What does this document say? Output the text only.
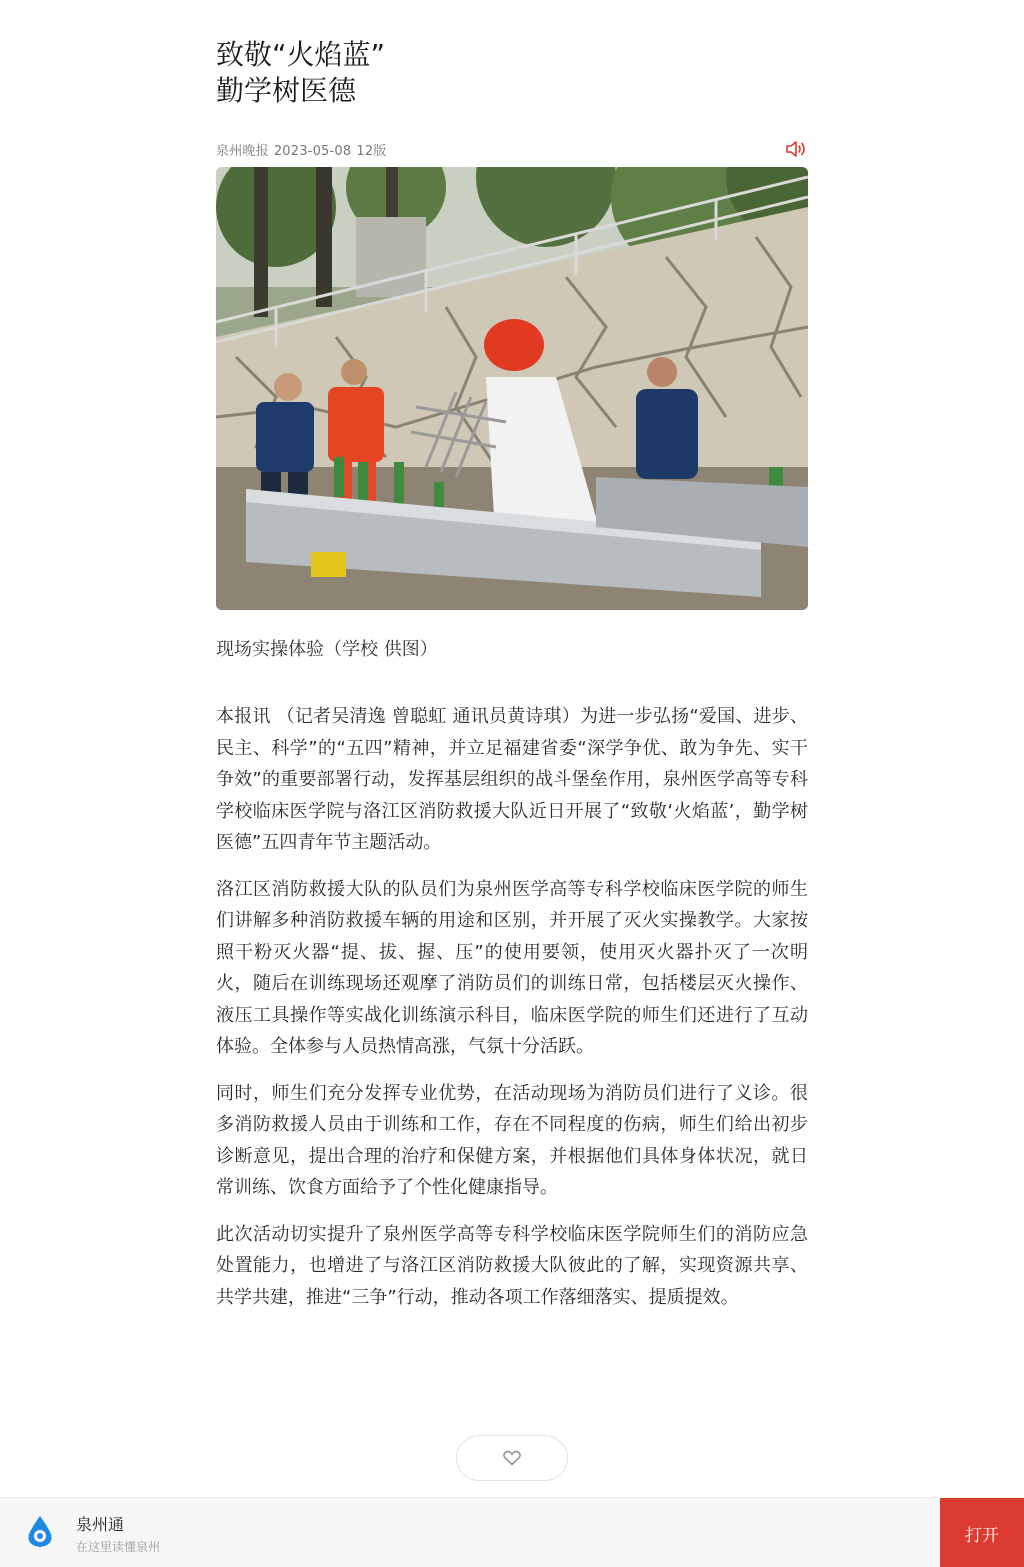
致敬“火焰蓝”
勤学树医德
泉州晚报 2023-05-08 12版
现场实操体验（学校 供图）

本报讯 （记者吴清逸 曾聪虹 通讯员黄诗琪）为进一步弘扬“爱国、进步、民主、科学”的“五四”精神，并立足福建省委“深学争优、敢为争先、实干争效”的重要部署行动，发挥基层组织的战斗堡垒作用，泉州医学高等专科学校临床医学院与洛江区消防救援大队近日开展了“致敬‘火焰蓝’，勤学树医德”五四青年节主题活动。

洛江区消防救援大队的队员们为泉州医学高等专科学校临床医学院的师生们讲解多种消防救援车辆的用途和区别，并开展了灭火实操教学。大家按照干粉灭火器“提、拔、握、压”的使用要领，使用灭火器扑灭了一次明火，随后在训练现场还观摩了消防员们的训练日常，包括楼层灭火操作、液压工具操作等实战化训练演示科目，临床医学院的师生们还进行了互动体验。全体参与人员热情高涨，气氛十分活跃。

同时，师生们充分发挥专业优势，在活动现场为消防员们进行了义诊。很多消防救援人员由于训练和工作，存在不同程度的伤病，师生们给出初步诊断意见，提出合理的治疗和保健方案，并根据他们具体身体状况，就日常训练、饮食方面给予了个性化健康指导。

此次活动切实提升了泉州医学高等专科学校临床医学院师生们的消防应急处置能力，也增进了与洛江区消防救援大队彼此的了解，实现资源共享、共学共建，推进“三争”行动，推动各项工作落细落实、提质提效。

泉州通
在这里读懂泉州
打开
